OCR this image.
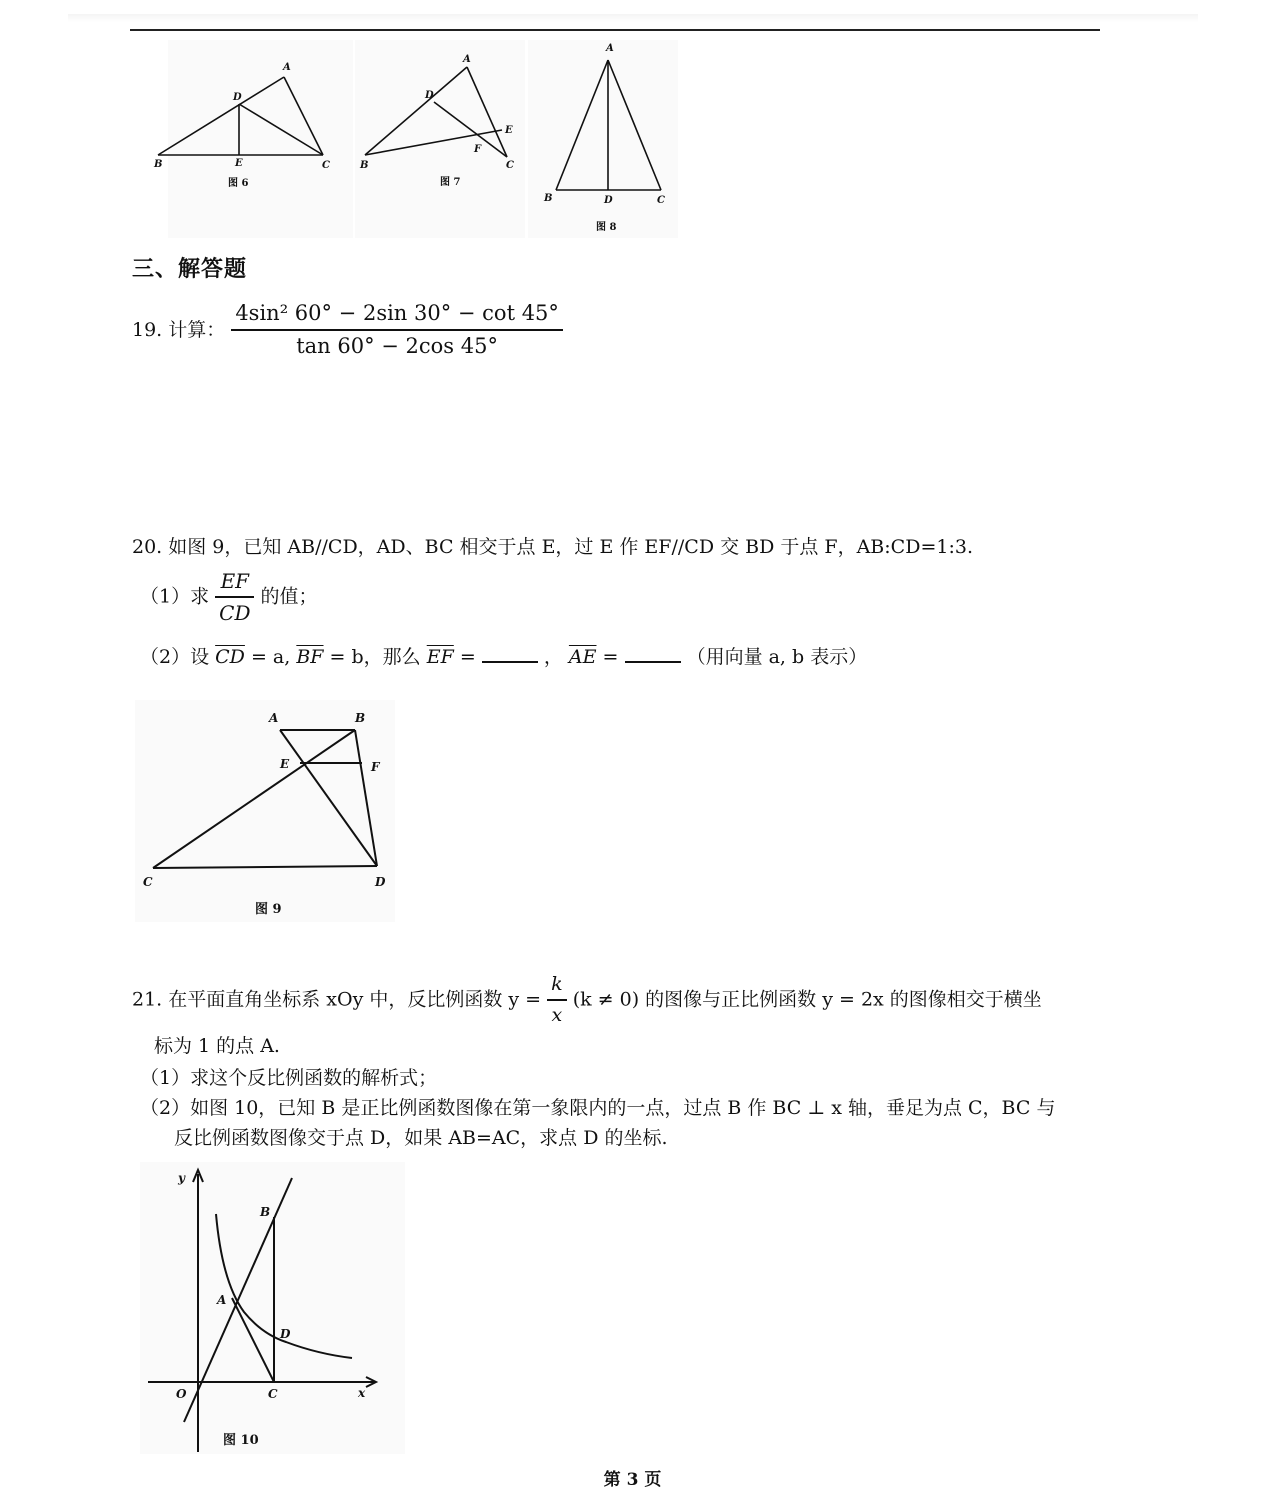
A
B	C
D
E
图 6
A
B	C
D
E
F
图 7
A
B	C
D
图 8
三、解答题
19. 计算： $\frac{\text{4sin² 60° − 2sin 30° − cot 45°}}{\tan 60^\circ - 2\cos 45^\circ}$
20. 如图 9，已知 AB//CD，AD、BC 相交于点 E，过 E 作 EF//CD 交 BD 于点 F，AB:CD=1:3.
（1）求 $\frac{EF}{CD}$ 的值；
（2）设 $\overline{CD} = a$, $\overline{BF} = b$，那么 $\overline{EF}$ =	， $\overline{AE}$ =	（用向量 a, b 表示）
A	B
C	D
E	F
图 9
21. 在平面直角坐标系 xOy 中，反比例函数 $y = \frac{k}{x} (k \ne 0)$ 的图像与正比例函数 y = 2x 的图像相交于横坐
标为 1 的点 A.
（1）求这个反比例函数的解析式；
（2）如图 10，已知 B 是正比例函数图像在第一象限内的一点，过点 B 作 BC ⊥ x 轴，垂足为点 C，BC 与
反比例函数图像交于点 D，如果 AB=AC，求点 D 的坐标.
y
x
O
A
B
C
D
图 10
第 3 页
